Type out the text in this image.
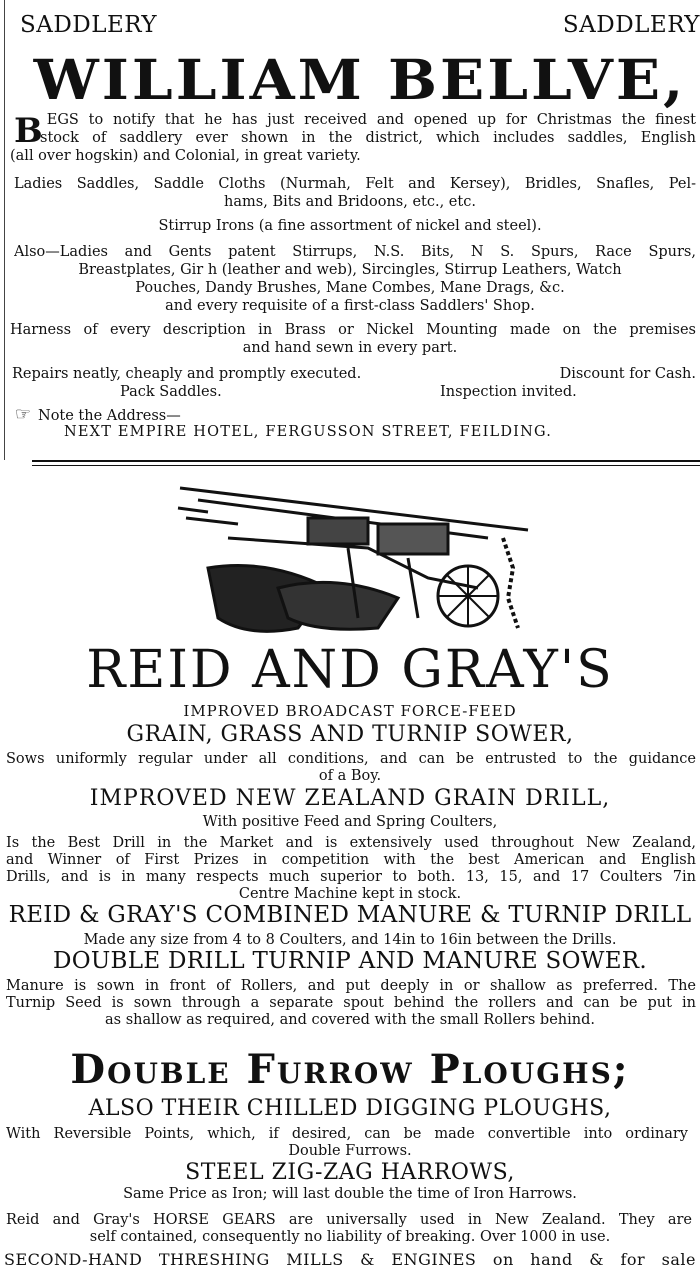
SADDLERY	SADDLERY
WILLIAM BELLVE,
BEGS to notify that he has just received and opened up for Christmas the finest
stock of saddlery ever shown in the district, which includes saddles, English
(all over hogskin) and Colonial, in great variety.
Ladies Saddles, Saddle Cloths (Nurmah, Felt and Kersey), Bridles, Snafles, Pel-
hams, Bits and Bridoons, etc., etc.
Stirrup Irons (a fine assortment of nickel and steel).
Also—Ladies and Gents patent Stirrups, N.S. Bits, N S. Spurs, Race Spurs,
Breastplates, Gir h (leather and web), Sircingles, Stirrup Leathers, Watch
Pouches, Dandy Brushes, Mane Combes, Mane Drags, &c.
and every requisite of a first-class Saddlers' Shop.
Harness of every description in Brass or Nickel Mounting made on the premises
and hand sewn in every part.
Repairs neatly, cheaply and promptly executed.	Discount for Cash.
Pack Saddles.	Inspection invited.
☞ Note the Address—
NEXT EMPIRE HOTEL, FERGUSSON STREET, FEILDING.
REID AND GRAY'S
IMPROVED BROADCAST FORCE-FEED
GRAIN, GRASS AND TURNIP SOWER,
Sows uniformly regular under all conditions, and can be entrusted to the guidance
of a Boy.
IMPROVED NEW ZEALAND GRAIN DRILL,
With positive Feed and Spring Coulters,
Is the Best Drill in the Market and is extensively used throughout New Zealand,
and Winner of First Prizes in competition with the best American and English
Drills, and is in many respects much superior to both. 13, 15, and 17 Coulters 7in
Centre Machine kept in stock.
REID & GRAY'S COMBINED MANURE & TURNIP DRILL
Made any size from 4 to 8 Coulters, and 14in to 16in between the Drills.
DOUBLE DRILL TURNIP AND MANURE SOWER.
Manure is sown in front of Rollers, and put deeply in or shallow as preferred. The
Turnip Seed is sown through a separate spout behind the rollers and can be put in
as shallow as required, and covered with the small Rollers behind.
Double Furrow Ploughs;
ALSO THEIR CHILLED DIGGING PLOUGHS,
With Reversible Points, which, if desired, can be made convertible into ordinary
Double Furrows.
STEEL ZIG-ZAG HARROWS,
Same Price as Iron; will last double the time of Iron Harrows.
Reid and Gray's HORSE GEARS are universally used in New Zealand. They are
self contained, consequently no liability of breaking. Over 1000 in use.
SECOND-HAND THRESHING MILLS & ENGINES on hand & for sale
